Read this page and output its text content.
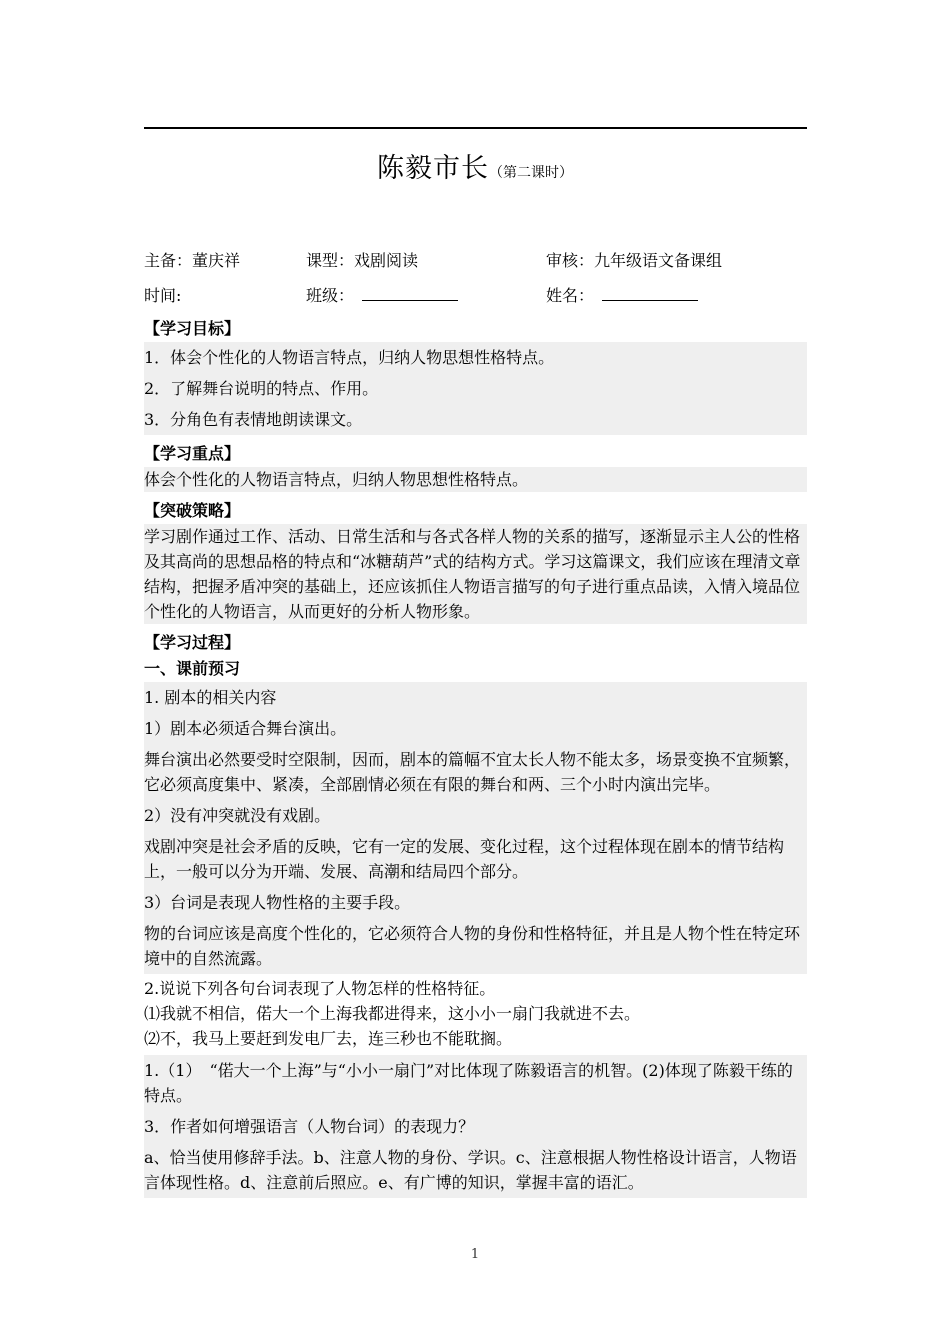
陈毅市长（第二课时）
主备：董庆祥	课型：戏剧阅读	审核：九年级语文备课组
时间:	班级：	姓名：
【学习目标】

1．体会个性化的人物语言特点，归纳人物思想性格特点。

2．了解舞台说明的特点、作用。

3．分角色有表情地朗读课文。

【学习重点】

体会个性化的人物语言特点，归纳人物思想性格特点。

【突破策略】

学习剧作通过工作、活动、日常生活和与各式各样人物的关系的描写，逐渐显示主人公的性格及其高尚的思想品格的特点和“冰糖葫芦”式的结构方式。学习这篇课文，我们应该在理清文章结构，把握矛盾冲突的基础上，还应该抓住人物语言描写的句子进行重点品读，入情入境品位个性化的人物语言，从而更好的分析人物形象。

【学习过程】
一、课前预习

1. 剧本的相关内容

1）剧本必须适合舞台演出。

舞台演出必然要受时空限制，因而，剧本的篇幅不宜太长人物不能太多，场景变换不宜频繁，它必须高度集中、紧凑，全部剧情必须在有限的舞台和两、三个小时内演出完毕。

2）没有冲突就没有戏剧。

戏剧冲突是社会矛盾的反映，它有一定的发展、变化过程，这个过程体现在剧本的情节结构上，一般可以分为开端、发展、高潮和结局四个部分。

3）台词是表现人物性格的主要手段。

物的台词应该是高度个性化的，它必须符合人物的身份和性格特征，并且是人物个性在特定环境中的自然流露。

2.说说下列各句台词表现了人物怎样的性格特征。

⑴我就不相信，偌大一个上海我都进得来，这小小一扇门我就进不去。

⑵不，我马上要赶到发电厂去，连三秒也不能耽搁。

1.（1）　“偌大一个上海”与“小小一扇门”对比体现了陈毅语言的机智。(2)体现了陈毅干练的特点。

3．作者如何增强语言（人物台词）的表现力？

a、恰当使用修辞手法。b、注意人物的身份、学识。c、注意根据人物性格设计语言，人物语言体现性格。d、注意前后照应。e、有广博的知识，掌握丰富的语汇。

1
